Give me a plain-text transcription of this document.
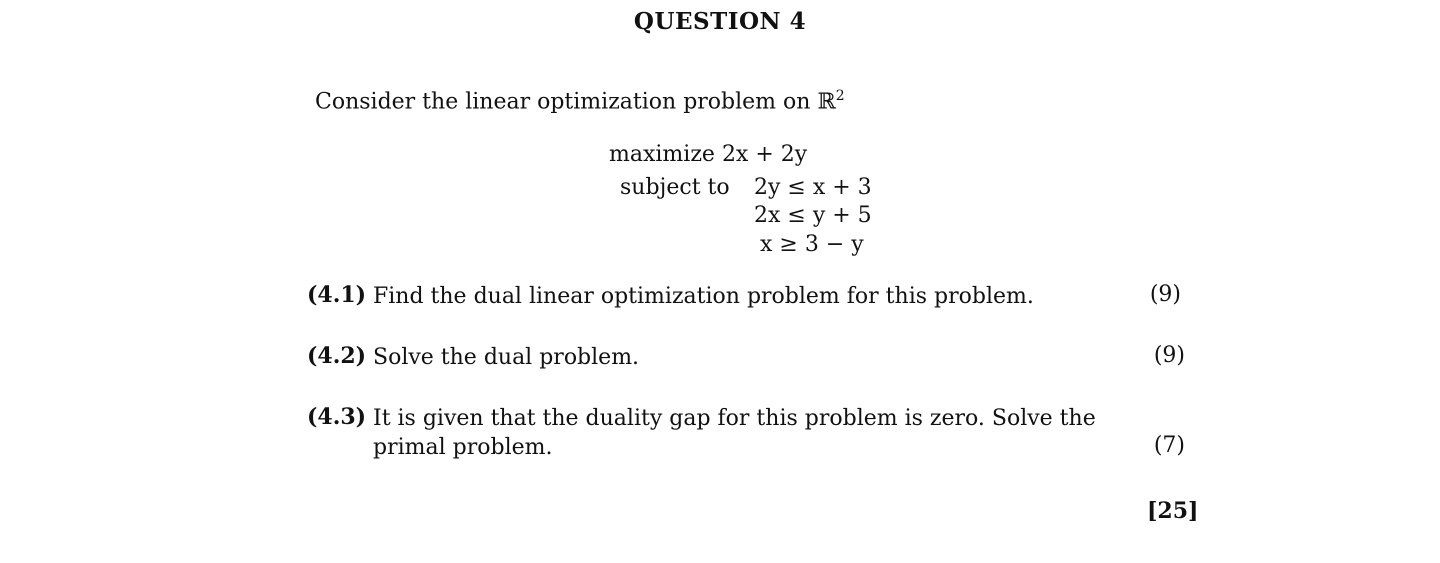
QUESTION 4
Consider the linear optimization problem on ℝ$^2$
maximize 2x + 2y
subject to 2y ≤ x + 3
2x ≤ y + 5
x ≥ 3 − y
(4.1) Find the dual linear optimization problem for this problem.	(9)
(4.2) Solve the dual problem.	(9)
(4.3) It is given that the duality gap for this problem is zero. Solve the primal problem.	(7)
[25]
